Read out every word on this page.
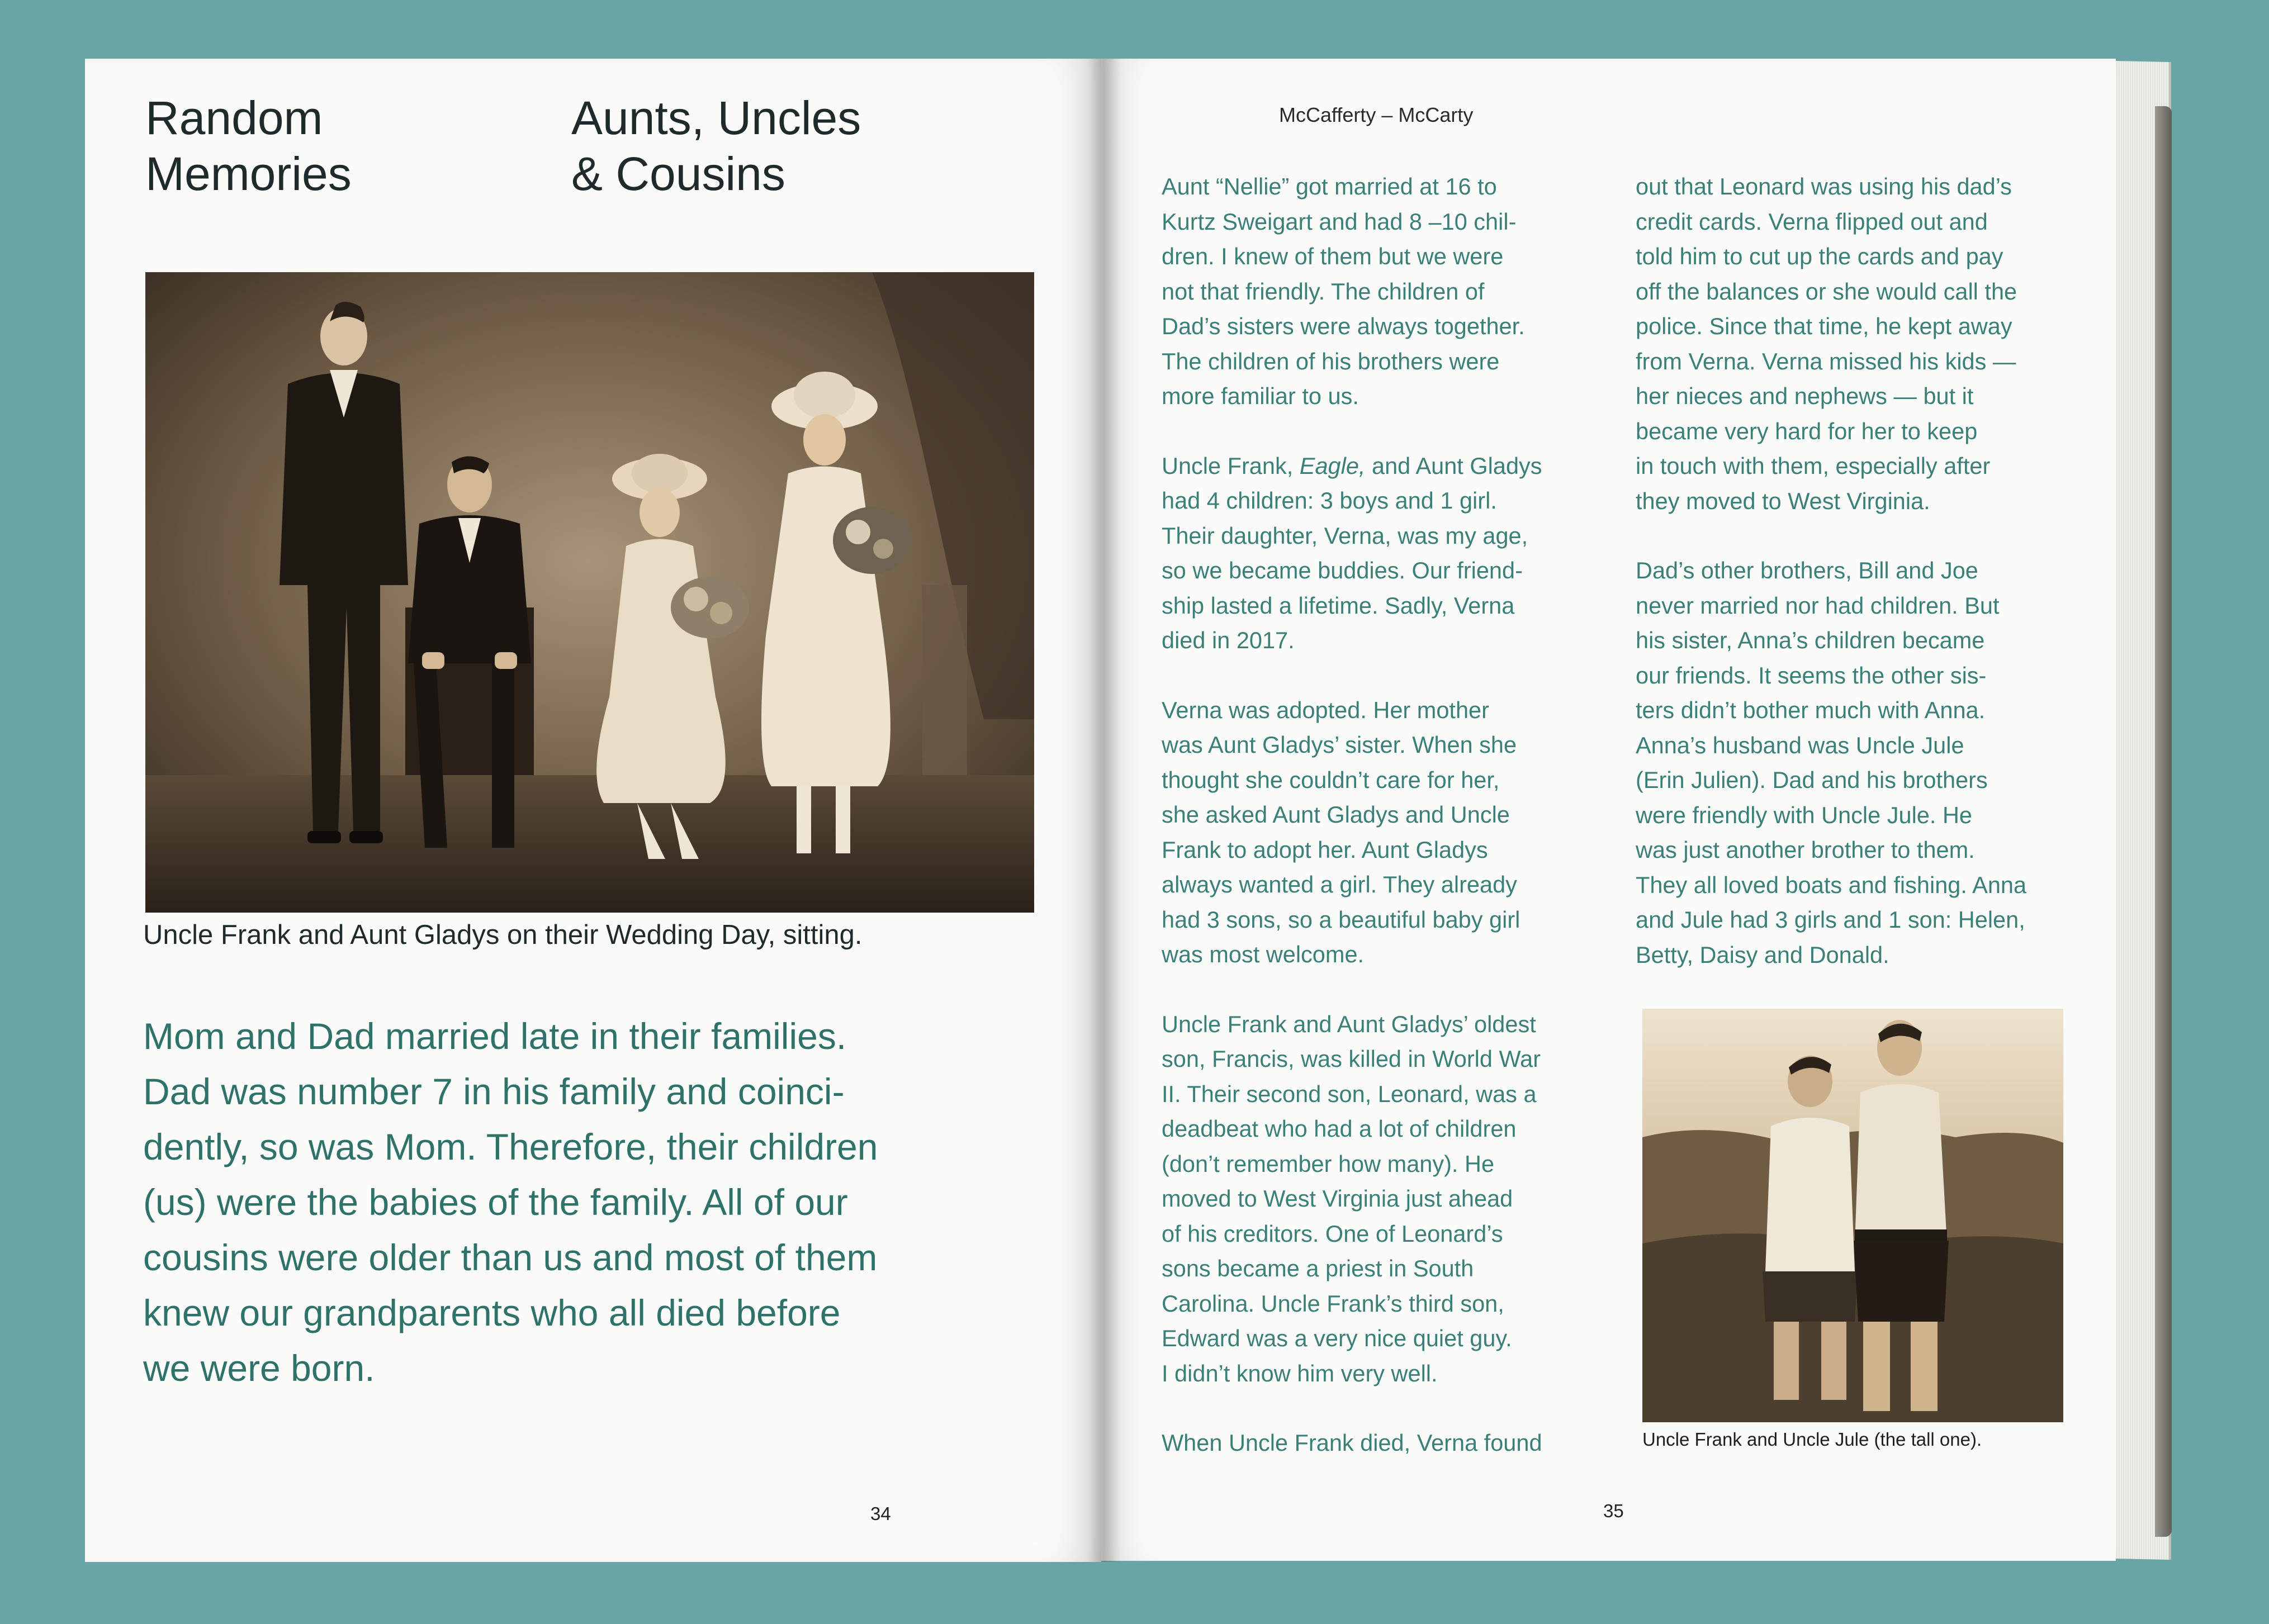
Random
Memories
Aunts, Uncles
& Cousins
Uncle Frank and Aunt Gladys on their Wedding Day, sitting.
Mom and Dad married late in their families.
Dad was number 7 in his family and coinci-
dently, so was Mom. Therefore, their children
(us) were the babies of the family. All of our
cousins were older than us and most of them
knew our grandparents who all died before
we were born.
34
McCafferty – McCarty
Aunt “Nellie” got married at 16 to
Kurtz Sweigart and had 8 –10 chil-
dren. I knew of them but we were
not that friendly. The children of
Dad’s sisters were always together.
The children of his brothers were
more familiar to us.
Uncle Frank, Eagle, and Aunt Gladys
had 4 children: 3 boys and 1 girl.
Their daughter, Verna, was my age,
so we became buddies. Our friend-
ship lasted a lifetime. Sadly, Verna
died in 2017.
Verna was adopted. Her mother
was Aunt Gladys’ sister. When she
thought she couldn’t care for her,
she asked Aunt Gladys and Uncle
Frank to adopt her. Aunt Gladys
always wanted a girl. They already
had 3 sons, so a beautiful baby girl
was most welcome.
Uncle Frank and Aunt Gladys’ oldest
son, Francis, was killed in World War
II. Their second son, Leonard, was a
deadbeat who had a lot of children
(don’t remember how many). He
moved to West Virginia just ahead
of his creditors. One of Leonard’s
sons became a priest in South
Carolina. Uncle Frank’s third son,
Edward was a very nice quiet guy.
I didn’t know him very well.
When Uncle Frank died, Verna found
out that Leonard was using his dad’s
credit cards. Verna flipped out and
told him to cut up the cards and pay
off the balances or she would call the
police. Since that time, he kept away
from Verna. Verna missed his kids —
her nieces and nephews — but it
became very hard for her to keep
in touch with them, especially after
they moved to West Virginia.
Dad’s other brothers, Bill and Joe
never married nor had children. But
his sister, Anna’s children became
our friends. It seems the other sis-
ters didn’t bother much with Anna.
Anna’s husband was Uncle Jule
(Erin Julien). Dad and his brothers
were friendly with Uncle Jule. He
was just another brother to them.
They all loved boats and fishing. Anna
and Jule had 3 girls and 1 son: Helen,
Betty, Daisy and Donald.
Uncle Frank and Uncle Jule (the tall one).
35
